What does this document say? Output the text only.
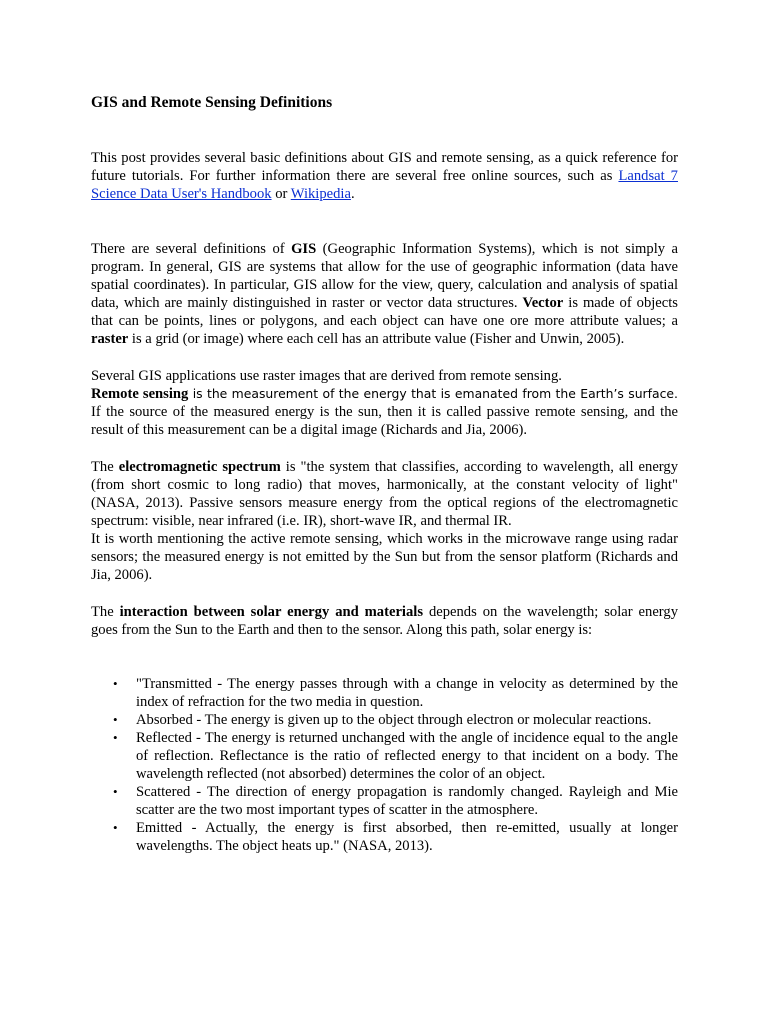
GIS and Remote Sensing Definitions

This post provides several basic definitions about GIS and remote sensing, as a quick reference for future tutorials. For further information there are several free online sources, such as Landsat 7 Science Data User's Handbook or Wikipedia.

There are several definitions of GIS (Geographic Information Systems), which is not simply a program. In general, GIS are systems that allow for the use of geographic information (data have spatial coordinates). In particular, GIS allow for the view, query, calculation and analysis of spatial data, which are mainly distinguished in raster or vector data structures. Vector is made of objects that can be points, lines or polygons, and each object can have one ore more attribute values; a raster is a grid (or image) where each cell has an attribute value (Fisher and Unwin, 2005).

Several GIS applications use raster images that are derived from remote sensing.

Remote sensing is the measurement of the energy that is emanated from the Earth’s surface. If the source of the measured energy is the sun, then it is called passive remote sensing, and the result of this measurement can be a digital image (Richards and Jia, 2006).

The electromagnetic spectrum is "the system that classifies, according to wavelength, all energy (from short cosmic to long radio) that moves, harmonically, at the constant velocity of light" (NASA, 2013). Passive sensors measure energy from the optical regions of the electromagnetic spectrum: visible, near infrared (i.e. IR), short-wave IR, and thermal IR.

It is worth mentioning the active remote sensing, which works in the microwave range using radar sensors; the measured energy is not emitted by the Sun but from the sensor platform (Richards and Jia, 2006).

The interaction between solar energy and materials depends on the wavelength; solar energy goes from the Sun to the Earth and then to the sensor. Along this path, solar energy is:

• "Transmitted - The energy passes through with a change in velocity as determined by the index of refraction for the two media in question.
• Absorbed - The energy is given up to the object through electron or molecular reactions.
• Reflected - The energy is returned unchanged with the angle of incidence equal to the angle of reflection. Reflectance is the ratio of reflected energy to that incident on a body. The wavelength reflected (not absorbed) determines the color of an object.
• Scattered - The direction of energy propagation is randomly changed. Rayleigh and Mie scatter are the two most important types of scatter in the atmosphere.
• Emitted - Actually, the energy is first absorbed, then re-emitted, usually at longer wavelengths. The object heats up." (NASA, 2013).
